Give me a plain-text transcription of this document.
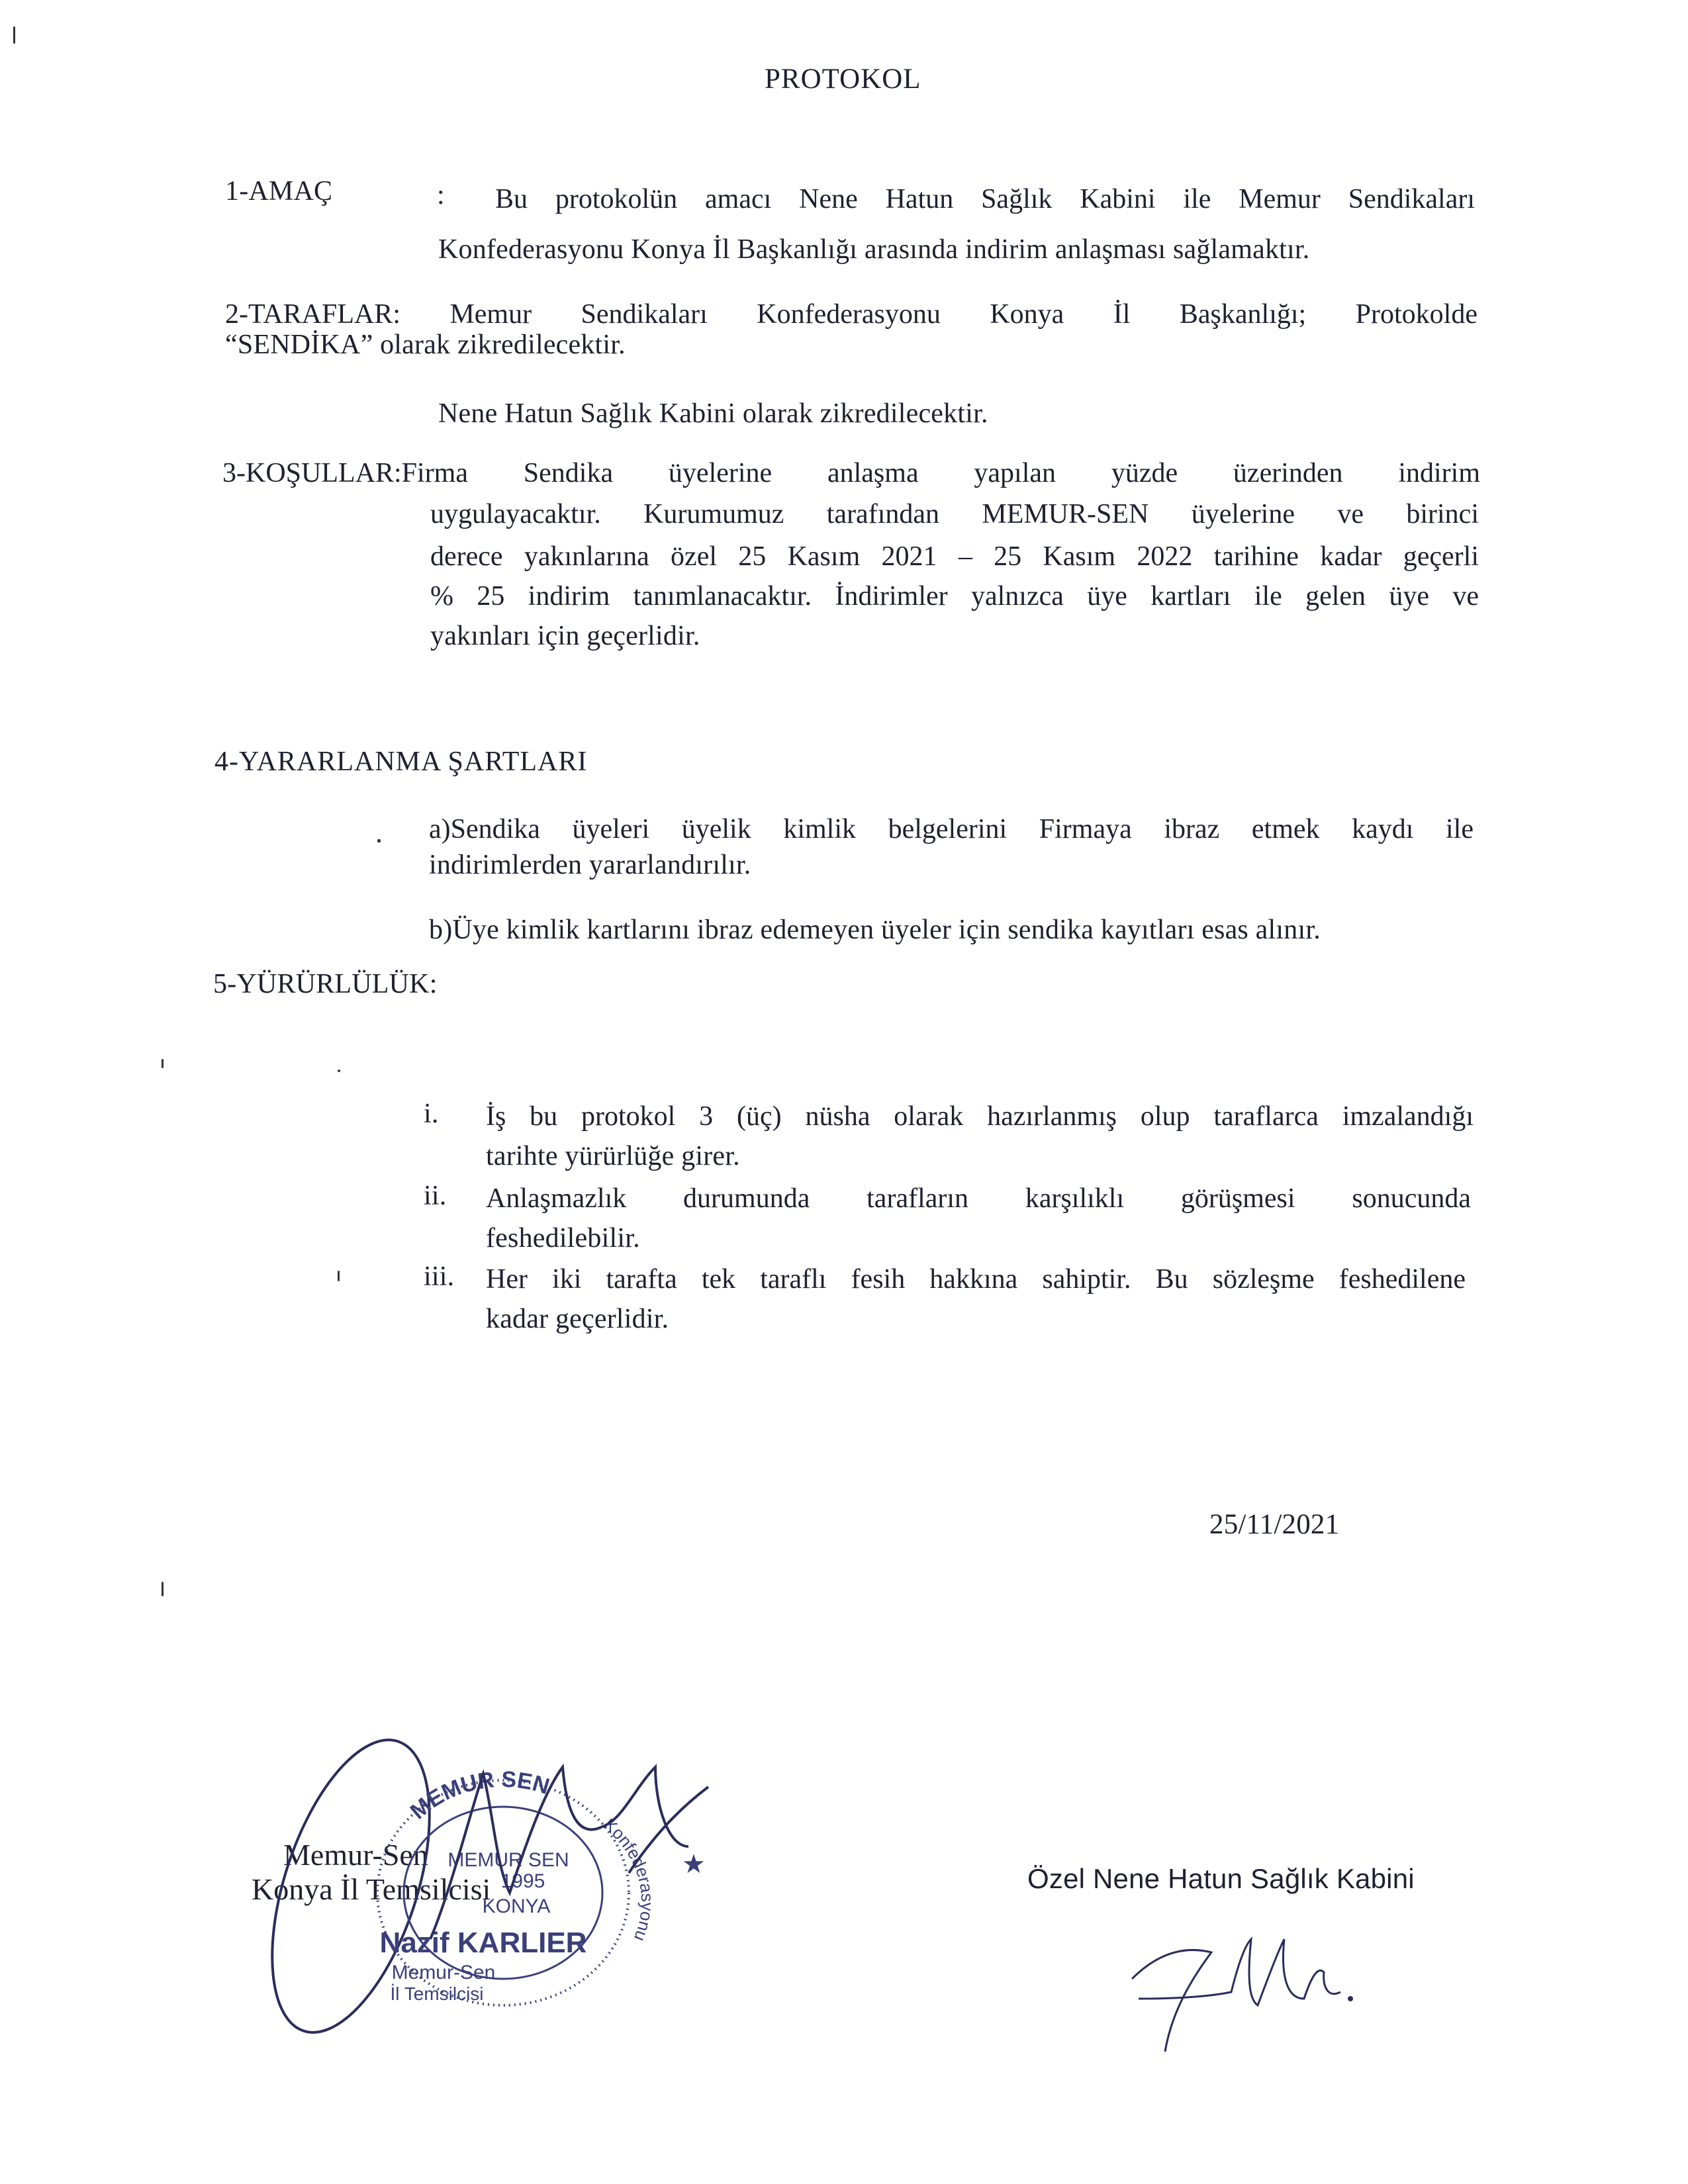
PROTOKOL
1-AMAÇ	: Bu protokolün amacı Nene Hatun Sağlık Kabini ile Memur Sendikaları
Konfederasyonu Konya İl Başkanlığı arasında indirim anlaşması sağlamaktır.
2-TARAFLAR: Memur Sendikaları Konfederasyonu Konya İl Başkanlığı; Protokolde
“SENDİKA” olarak zikredilecektir.
Nene Hatun Sağlık Kabini olarak zikredilecektir.
3-KOŞULLAR:Firma Sendika üyelerine anlaşma yapılan yüzde üzerinden indirim
uygulayacaktır. Kurumumuz tarafından MEMUR-SEN üyelerine ve birinci
derece yakınlarına özel 25 Kasım 2021 – 25 Kasım 2022 tarihine kadar geçerli
% 25 indirim tanımlanacaktır. İndirimler yalnızca üye kartları ile gelen üye ve
yakınları için geçerlidir.
4-YARARLANMA ŞARTLARI
a)Sendika üyeleri üyelik kimlik belgelerini Firmaya ibraz etmek kaydı ile
indirimlerden yararlandırılır.
b)Üye kimlik kartlarını ibraz edemeyen üyeler için sendika kayıtları esas alınır.
5-YÜRÜRLÜLÜK:
i. İş bu protokol 3 (üç) nüsha olarak hazırlanmış olup taraflarca imzalandığı
tarihte yürürlüğe girer.
ii. Anlaşmazlık durumunda tarafların karşılıklı görüşmesi sonucunda
feshedilebilir.
iii. Her iki tarafta tek taraflı fesih hakkına sahiptir. Bu sözleşme feshedilene
kadar geçerlidir.
25/11/2021
Memur-Sen
Konya İl Temsilcisi
MEMUR SEN
Konfederasyonu
MEMUR SEN
1995
KONYA
Nazif KARLIER
Memur-Sen
İl Temsilcisi
★	Özel Nene Hatun Sağlık Kabini
